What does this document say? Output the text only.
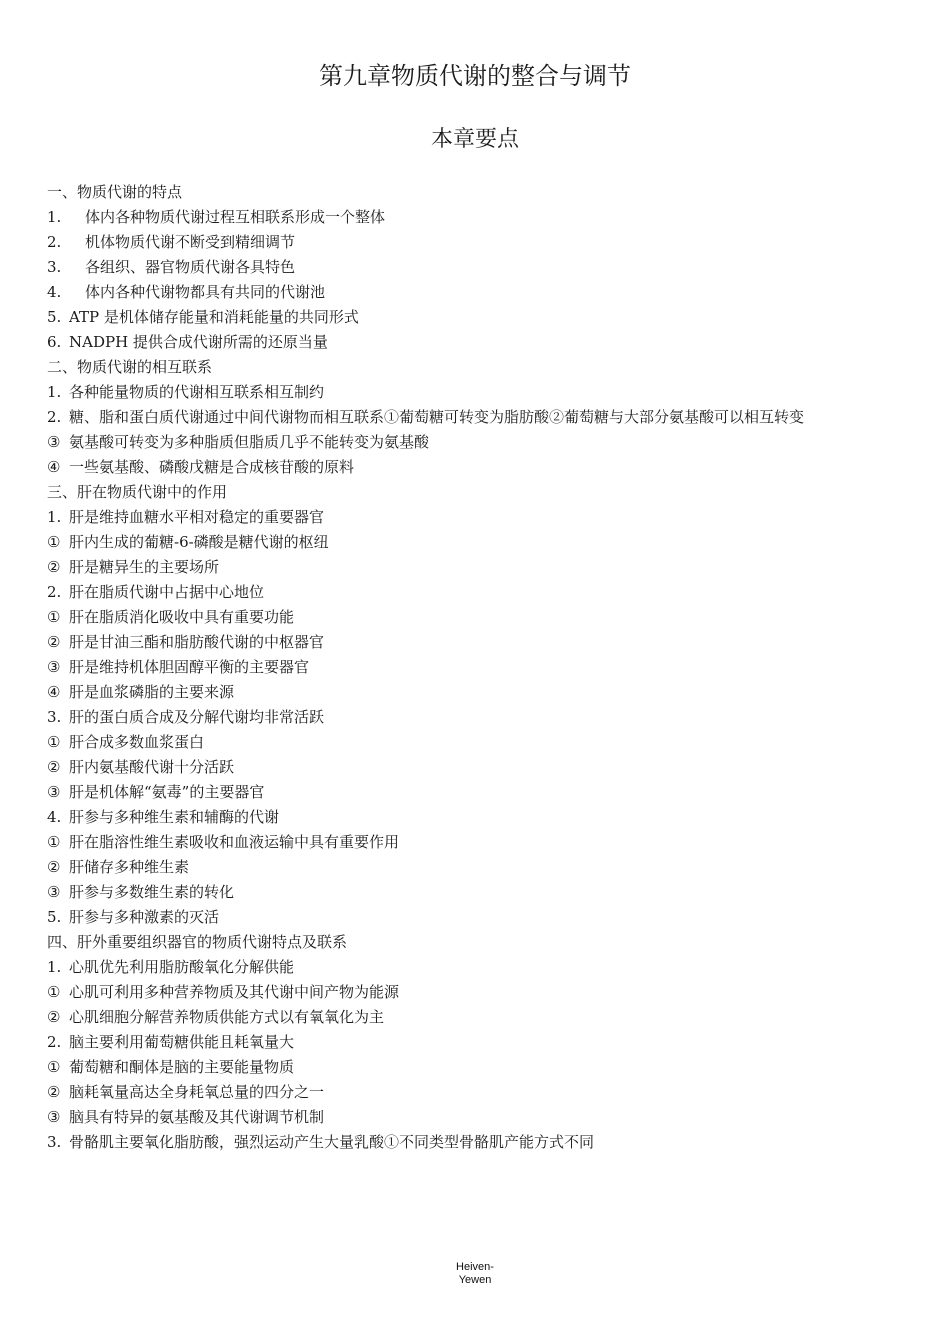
第九章物质代谢的整合与调节
本章要点
一、物质代谢的特点
1. 体内各种物质代谢过程互相联系形成一个整体
2. 机体物质代谢不断受到精细调节
3. 各组织、器官物质代谢各具特色
4. 体内各种代谢物都具有共同的代谢池
5. ATP 是机体储存能量和消耗能量的共同形式
6. NADPH 提供合成代谢所需的还原当量
二、物质代谢的相互联系
1. 各种能量物质的代谢相互联系相互制约
2. 糖、脂和蛋白质代谢通过中间代谢物而相互联系①葡萄糖可转变为脂肪酸②葡萄糖与大部分氨基酸可以相互转变
③ 氨基酸可转变为多种脂质但脂质几乎不能转变为氨基酸
④ 一些氨基酸、磷酸戊糖是合成核苷酸的原料
三、肝在物质代谢中的作用
1. 肝是维持血糖水平相对稳定的重要器官
① 肝内生成的葡糖-6-磷酸是糖代谢的枢纽
② 肝是糖异生的主要场所
2. 肝在脂质代谢中占据中心地位
① 肝在脂质消化吸收中具有重要功能
② 肝是甘油三酯和脂肪酸代谢的中枢器官
③ 肝是维持机体胆固醇平衡的主要器官
④ 肝是血浆磷脂的主要来源
3. 肝的蛋白质合成及分解代谢均非常活跃
① 肝合成多数血浆蛋白
② 肝内氨基酸代谢十分活跃
③ 肝是机体解“氨毒”的主要器官
4. 肝参与多种维生素和辅酶的代谢
① 肝在脂溶性维生素吸收和血液运输中具有重要作用
② 肝储存多种维生素
③ 肝参与多数维生素的转化
5. 肝参与多种激素的灭活
四、肝外重要组织器官的物质代谢特点及联系
1. 心肌优先利用脂肪酸氧化分解供能
① 心肌可利用多种营养物质及其代谢中间产物为能源
② 心肌细胞分解营养物质供能方式以有氧氧化为主
2. 脑主要利用葡萄糖供能且耗氧量大
① 葡萄糖和酮体是脑的主要能量物质
② 脑耗氧量高达全身耗氧总量的四分之一
③ 脑具有特异的氨基酸及其代谢调节机制
3. 骨骼肌主要氧化脂肪酸，强烈运动产生大量乳酸①不同类型骨骼肌产能方式不同
Heiven-
Yewen
